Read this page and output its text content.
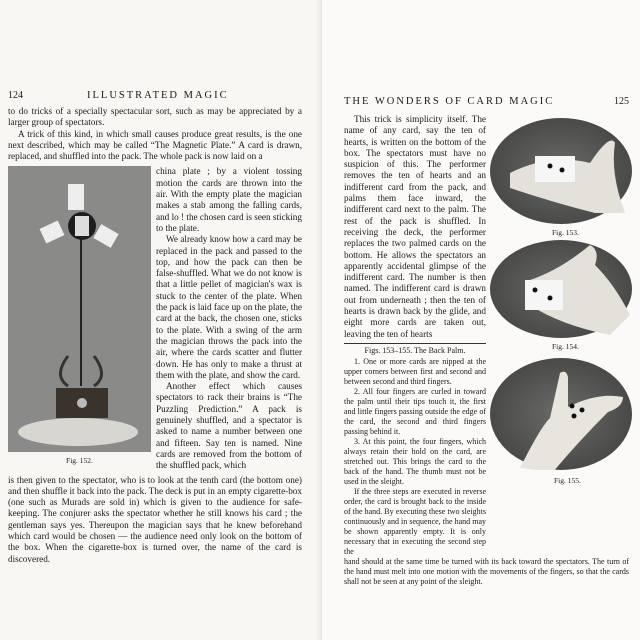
124	ILLUSTRATED MAGIC

to do tricks of a specially spectacular sort, such as may be appreciated by a larger group of spectators.

A trick of this kind, in which small causes produce great results, is the one next described, which may be called “The Magnetic Plate.” A card is drawn, replaced, and shuffled into the pack. The whole pack is now laid on a

Fig. 152.

china plate ; by a violent tossing motion the cards are thrown into the air. With the empty plate the magician makes a stab among the falling cards, and lo ! the chosen card is seen sticking to the plate.

We already know how a card may be replaced in the pack and passed to the top, and how the pack can then be false-shuffled. What we do not know is that a little pellet of magician's wax is stuck to the center of the plate. When the pack is laid face up on the plate, the card at the back, the chosen one, sticks to the plate. With a swing of the arm the magician throws the pack into the air, where the cards scatter and flutter down. He has only to make a thrust at them with the plate, and show the card.

Another effect which causes spectators to rack their brains is “The Puzzling Prediction.” A pack is genuinely shuffled, and a spectator is asked to name a number between one and fifteen. Say ten is named. Nine cards are removed from the bottom of the shuffled pack, which

is then given to the spectator, who is to look at the tenth card (the bottom one) and then shuffle it back into the pack. The deck is put in an empty cigarette-box (one such as Murads are sold in) which is given to the audience for safe-keeping. The conjurer asks the spectator whether he still knows his card ; the gentleman says yes. Thereupon the magician says that he knew beforehand which card would be chosen — the audience need only look on the bottom of the box. When the cigarette-box is turned over, the name of the card is discovered.

THE WONDERS OF CARD MAGIC	125

This trick is simplicity itself. The name of any card, say the ten of hearts, is written on the bottom of the box. The spectators must have no suspicion of this. The performer removes the ten of hearts and an indifferent card from the pack, and palms them face inward, the indifferent card next to the palm. The rest of the pack is shuffled. In receiving the deck, the performer replaces the two palmed cards on the bottom. He allows the spectators an apparently accidental glimpse of the indifferent card. The number is then named. The indifferent card is drawn out from underneath ; then the ten of hearts is drawn back by the glide, and eight more cards are taken out, leaving the ten of hearts

Figs. 153–155. The Back Palm.

1. One or more cards are nipped at the upper corners between first and second and between second and third fingers.

2. All four fingers are curled in toward the palm until their tips touch it, the first and little fingers passing outside the edge of the card, the second and third fingers passing behind it.

3. At this point, the four fingers, which always retain their hold on the card, are stretched out. This brings the card to the back of the hand. The thumb must not be used in the sleight.

If the three steps are executed in reverse order, the card is brought back to the inside of the hand. By executing these two sleights continuously and in sequence, the hand may be shown apparently empty. It is only necessary that in executing the second step the

hand should at the same time be turned with its back toward the spectators. The turn of the hand must melt into one motion with the movements of the fingers, so that the cards shall not be seen at any point of the sleight.

Fig. 153.
Fig. 154.
Fig. 155.
